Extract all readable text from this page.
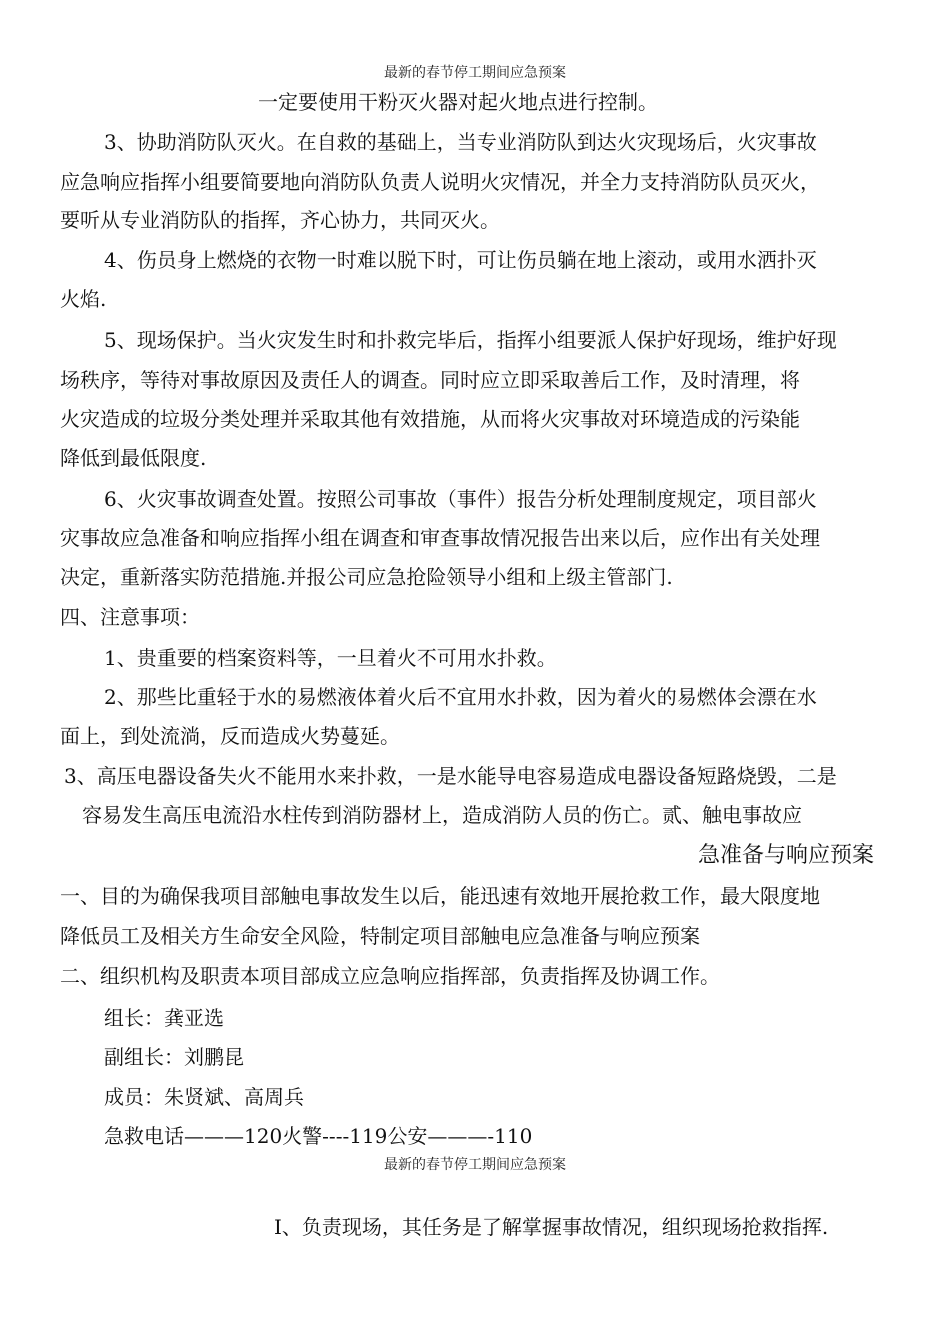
最新的春节停工期间应急预案
一定要使用干粉灭火器对起火地点进行控制。
3、协助消防队灭火。在自救的基础上，当专业消防队到达火灾现场后，火灾事故
应急响应指挥小组要简要地向消防队负责人说明火灾情况，并全力支持消防队员灭火，
要听从专业消防队的指挥，齐心协力，共同灭火。
4、伤员身上燃烧的衣物一时难以脱下时，可让伤员躺在地上滚动，或用水洒扑灭
火焰.
5、现场保护。当火灾发生时和扑救完毕后，指挥小组要派人保护好现场，维护好现
场秩序，等待对事故原因及责任人的调查。同时应立即采取善后工作，及时清理，将
火灾造成的垃圾分类处理并采取其他有效措施，从而将火灾事故对环境造成的污染能
降低到最低限度.
6、火灾事故调查处置。按照公司事故（事件）报告分析处理制度规定，项目部火
灾事故应急准备和响应指挥小组在调查和审查事故情况报告出来以后，应作出有关处理
决定，重新落实防范措施.并报公司应急抢险领导小组和上级主管部门.
四、注意事项：
1、贵重要的档案资料等，一旦着火不可用水扑救。
2、那些比重轻于水的易燃液体着火后不宜用水扑救，因为着火的易燃体会漂在水
面上，到处流淌，反而造成火势蔓延。
3、高压电器设备失火不能用水来扑救，一是水能导电容易造成电器设备短路烧毁，二是
容易发生高压电流沿水柱传到消防器材上，造成消防人员的伤亡。贰、触电事故应
急准备与响应预案
一、目的为确保我项目部触电事故发生以后，能迅速有效地开展抢救工作，最大限度地
降低员工及相关方生命安全风险，特制定项目部触电应急准备与响应预案
二、组织机构及职责本项目部成立应急响应指挥部，负责指挥及协调工作。
组长：龚亚选
副组长：刘鹏昆
成员：朱贤斌、高周兵
急救电话———120火警----119公安———-110
最新的春节停工期间应急预案
I、负责现场，其任务是了解掌握事故情况，组织现场抢救指挥.
